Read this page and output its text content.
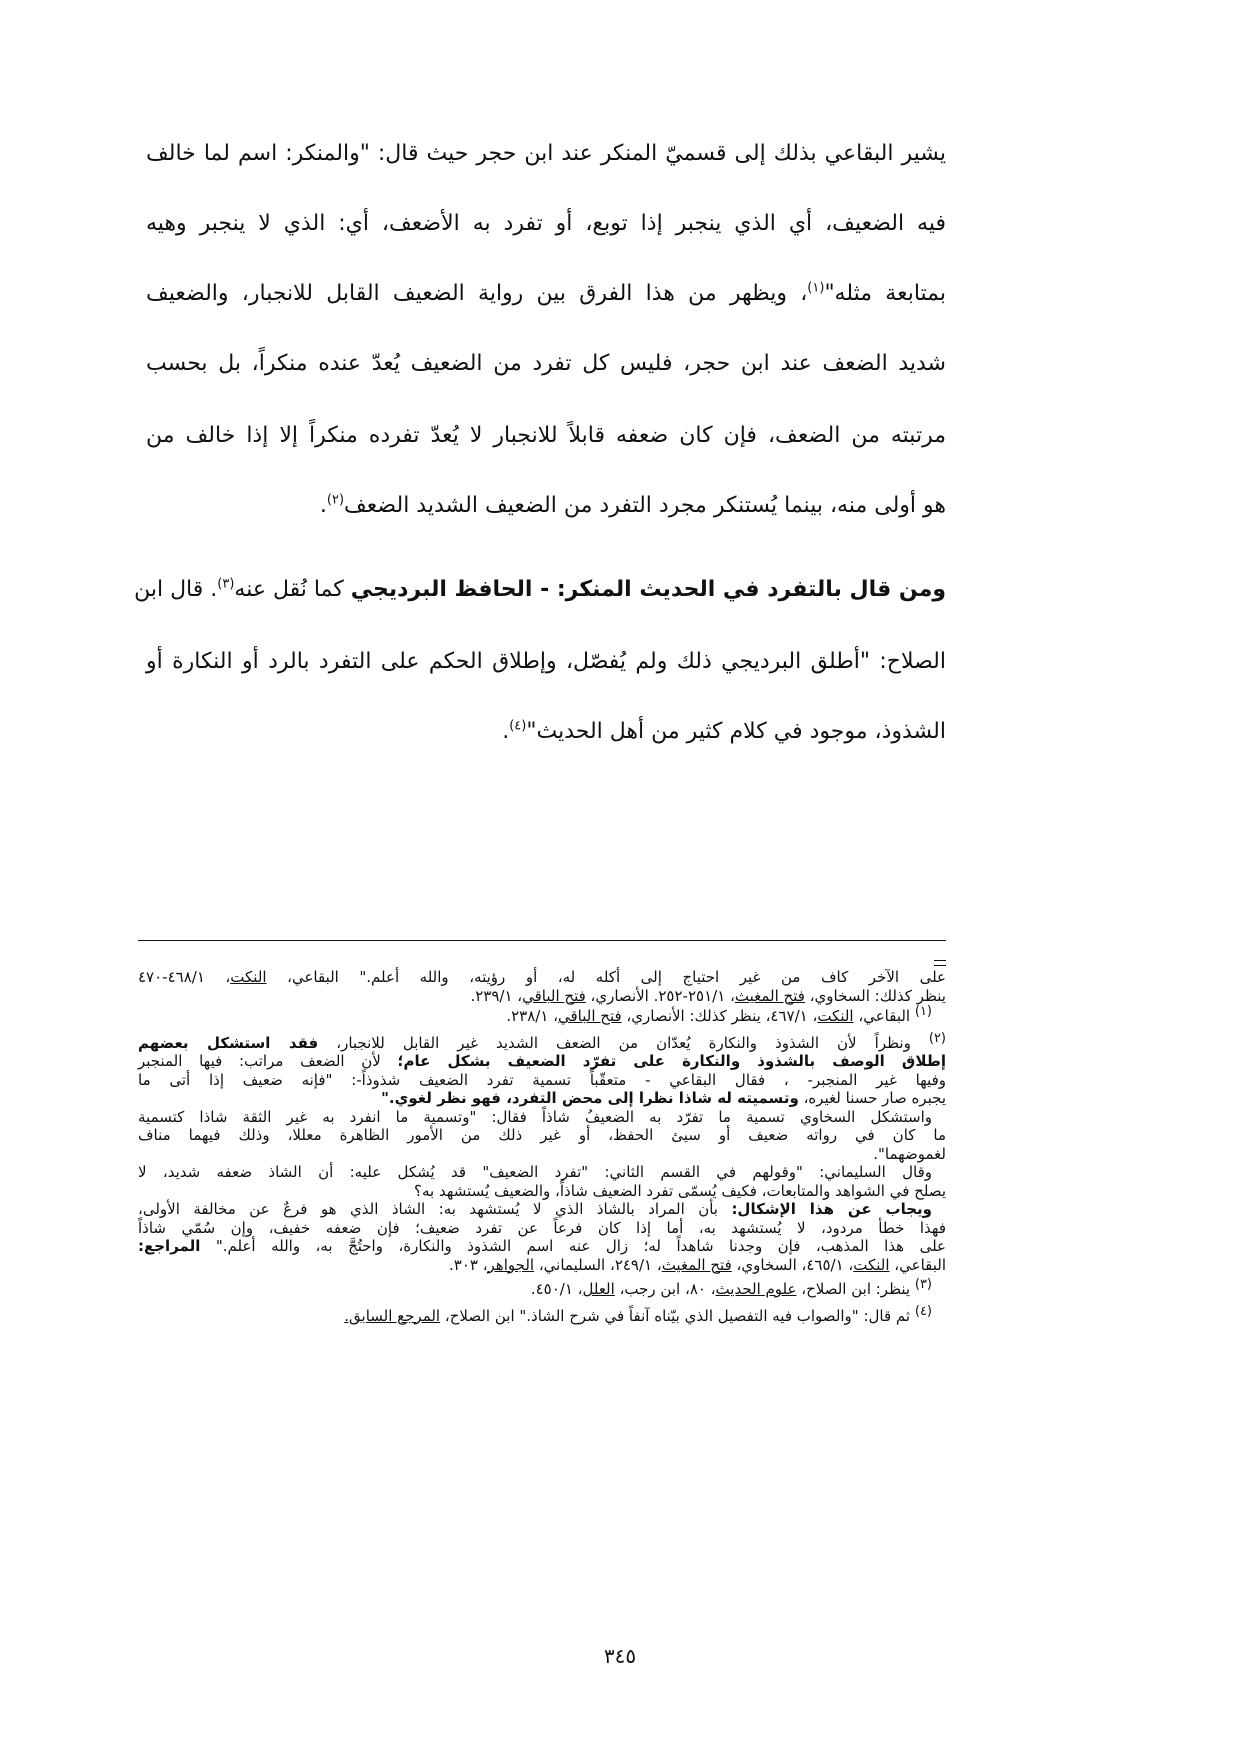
يشير البقاعي بذلك إلى قسميّ المنكر عند ابن حجر حيث قال: "والمنكر: اسم لما خالف
فيه الضعيف، أي الذي ينجبر إذا توبع، أو تفرد به الأضعف، أي: الذي لا ينجبر وهيه
بمتابعة مثله"$^{(١)}$، ويظهر من هذا الفرق بين رواية الضعيف القابل للانجبار، والضعيف
شديد الضعف عند ابن حجر، فليس كل تفرد من الضعيف يُعدّ عنده منكراً، بل بحسب
مرتبته من الضعف، فإن كان ضعفه قابلاً للانجبار لا يُعدّ تفرده منكراً إلا إذا خالف من
هو أولى منه، بينما يُستنكر مجرد التفرد من الضعيف الشديد الضعف$^{(٢)}$.
ومن قال بالتفرد في الحديث المنكر: - الحافظ البرديجي كما نُقل عنه$^{(٣)}$. قال ابن
الصلاح: "أطلق البرديجي ذلك ولم يُفصّل، وإطلاق الحكم على التفرد بالرد أو النكارة أو
الشذوذ، موجود في كلام كثير من أهل الحديث"$^{(٤)}$.
على الآخر كاف من غير احتياج إلى أكله له، أو رؤيته، والله أعلم." البقاعي، النكت، ٤٦٨/١-٤٧٠
ينظر كذلك: السخاوي، فتح المغيث، ٢٥١/١-٢٥٢. الأنصاري، فتح الباقي، ٢٣٩/١.
$^{(١)}$ البقاعي، النكت، ٤٦٧/١، ينظر كذلك: الأنصاري، فتح الباقي، ٢٣٨/١.
$^{(٢)}$ ونظراً لأن الشذوذ والنكارة يُعدّان من الضعف الشديد غير القابل للانجبار، فقد استشكل بعضهم
إطلاق الوصف بالشذوذ والنكارة على تفرّد الضعيف بشكل عام؛ لأن الضعف مراتب: فيها المنجبر
وفيها غير المنجبر- ، فقال البقاعي - متعقّباً تسمية تفرد الضعيف شذوذاً-: "فإنه ضعيف إذا أتى ما
يجبره صار حسنا لغيره، وتسميته له شاذا نظرا إلى محض التفرد، فهو نظر لغوي."
واستشكل السخاوي تسمية ما تفرّد به الضعيفُ شاذاً فقال: "وتسمية ما انفرد به غير الثقة شاذا كتسمية
ما كان في رواته ضعيف أو سيئ الحفظ، أو غير ذلك من الأمور الظاهرة معللا، وذلك فيهما مناف
لغموضهما".
وقال السليماني: "وقولهم في القسم الثاني: "تفرد الضعيف" قد يُشكل عليه: أن الشاذ ضعفه شديد، لا
يصلح في الشواهد والمتابعات، فكيف يُسمّى تفرد الضعيف شاذاً، والضعيف يُستشهد به؟
ويجاب عن هذا الإشكال: بأن المراد بالشاذ الذي لا يُستشهد به: الشاذ الذي هو فرعٌ عن مخالفة الأولى،
فهذا خطأ مردود، لا يُستشهد به، أما إذا كان فرعاً عن تفرد ضعيف؛ فإن ضعفه خفيف، وإن سُمّي شاذاً
على هذا المذهب، فإن وجدنا شاهداً له؛ زال عنه اسم الشذوذ والنكارة، واحتُجَّ به، والله أعلم." المراجع:
البقاعي، النكت، ٤٦٥/١، السخاوي، فتح المغيث، ٢٤٩/١، السليماني، الجواهر، ٣٠٣.
$^{(٣)}$ ينظر: ابن الصلاح، علوم الحديث، ٨٠، ابن رجب، العلل، ٤٥٠/١.
$^{(٤)}$ ثم قال: "والصواب فيه التفصيل الذي بيّناه آنفاً في شرح الشاذ." ابن الصلاح، المرجع السابق.
٣٤٥
